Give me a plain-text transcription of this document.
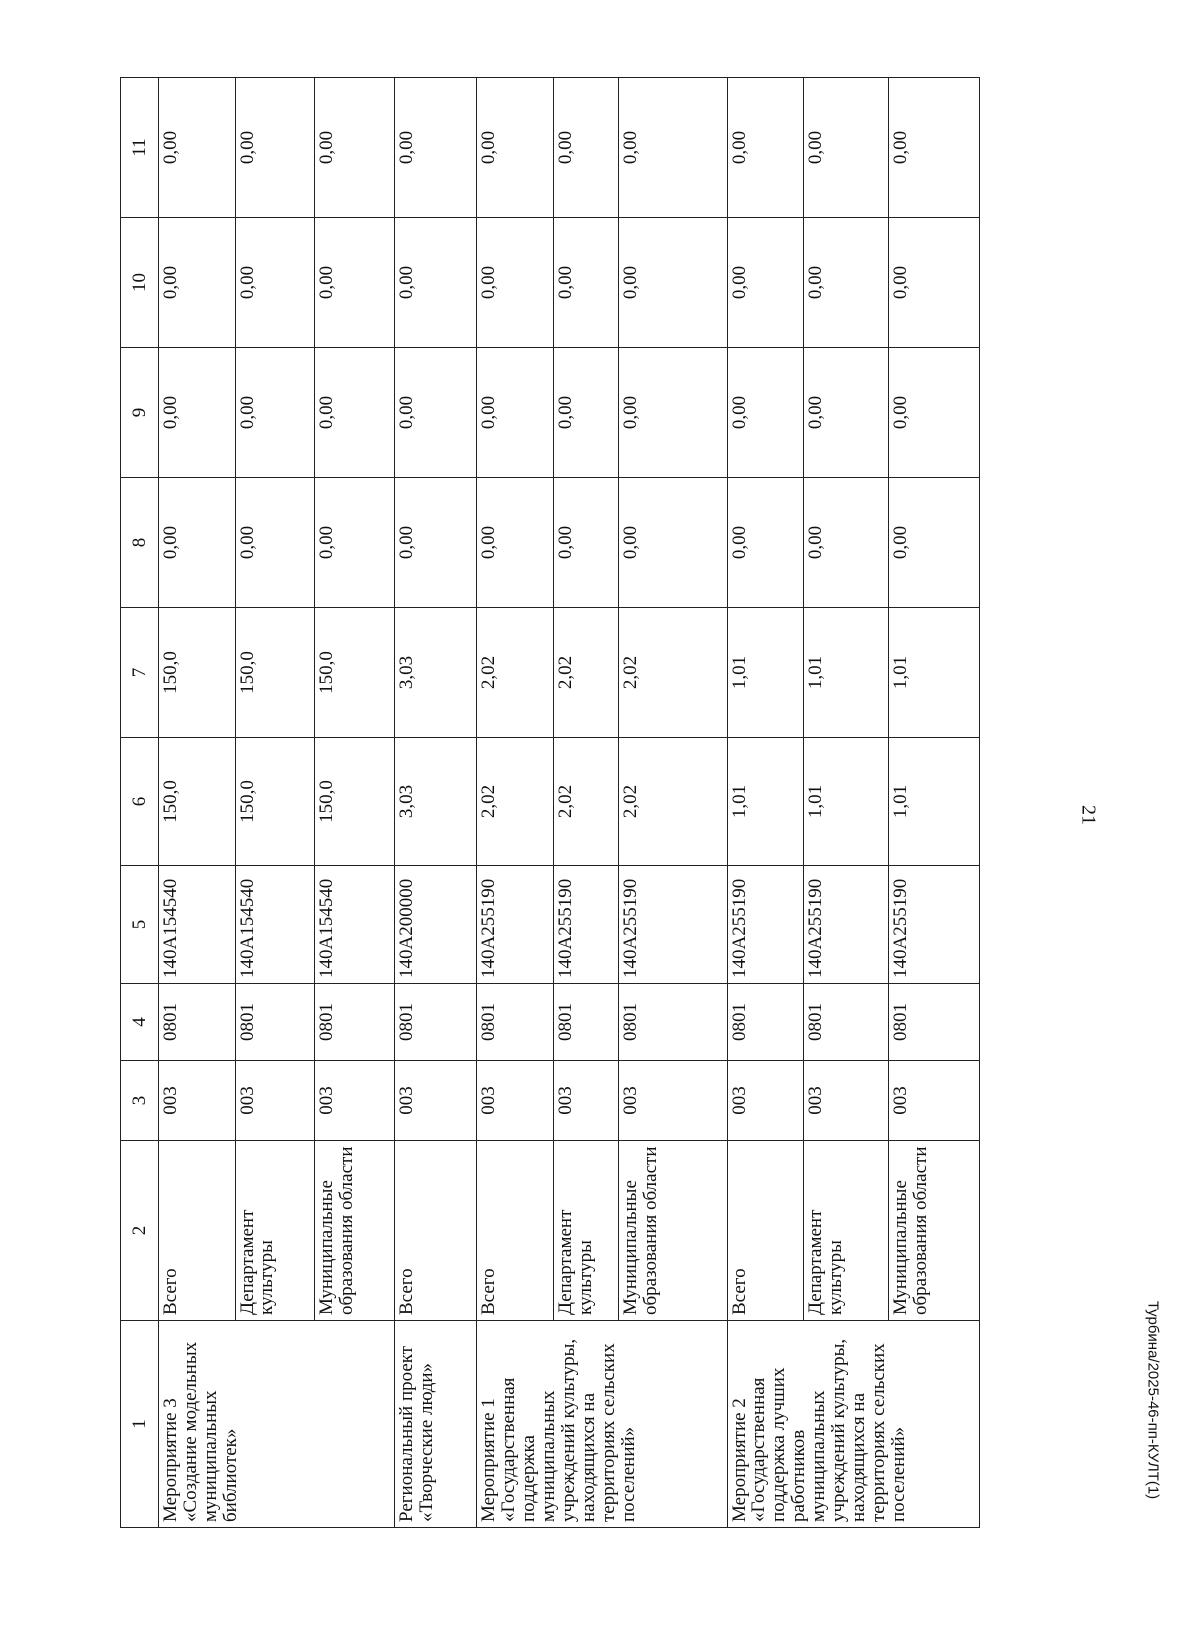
21
Турбина/2025-46-пп-КУЛТ(1)
1	2	3	4	5	6	7	8	9	10	11
Мероприятие 3 «Создание модельных муниципальных библиотек»	Всего	003	0801	140A154540	150,0	150,0	0,00	0,00	0,00	0,00
	Департамент культуры	003	0801	140A154540	150,0	150,0	0,00	0,00	0,00	0,00
	Муниципальные образования области	003	0801	140A154540	150,0	150,0	0,00	0,00	0,00	0,00
Региональный проект «Творческие люди»	Всего	003	0801	140A200000	3,03	3,03	0,00	0,00	0,00	0,00
Мероприятие 1 «Государственная поддержка муниципальных учреждений культуры, находящихся на территориях сельских поселений»	Всего	003	0801	140A255190	2,02	2,02	0,00	0,00	0,00	0,00
	Департамент культуры	003	0801	140A255190	2,02	2,02	0,00	0,00	0,00	0,00
	Муниципальные образования области	003	0801	140A255190	2,02	2,02	0,00	0,00	0,00	0,00
Мероприятие 2 «Государственная поддержка лучших работников муниципальных учреждений культуры, находящихся на территориях сельских поселений»	Всего	003	0801	140A255190	1,01	1,01	0,00	0,00	0,00	0,00
	Департамент культуры	003	0801	140A255190	1,01	1,01	0,00	0,00	0,00	0,00
	Муниципальные образования области	003	0801	140A255190	1,01	1,01	0,00	0,00	0,00	0,00
